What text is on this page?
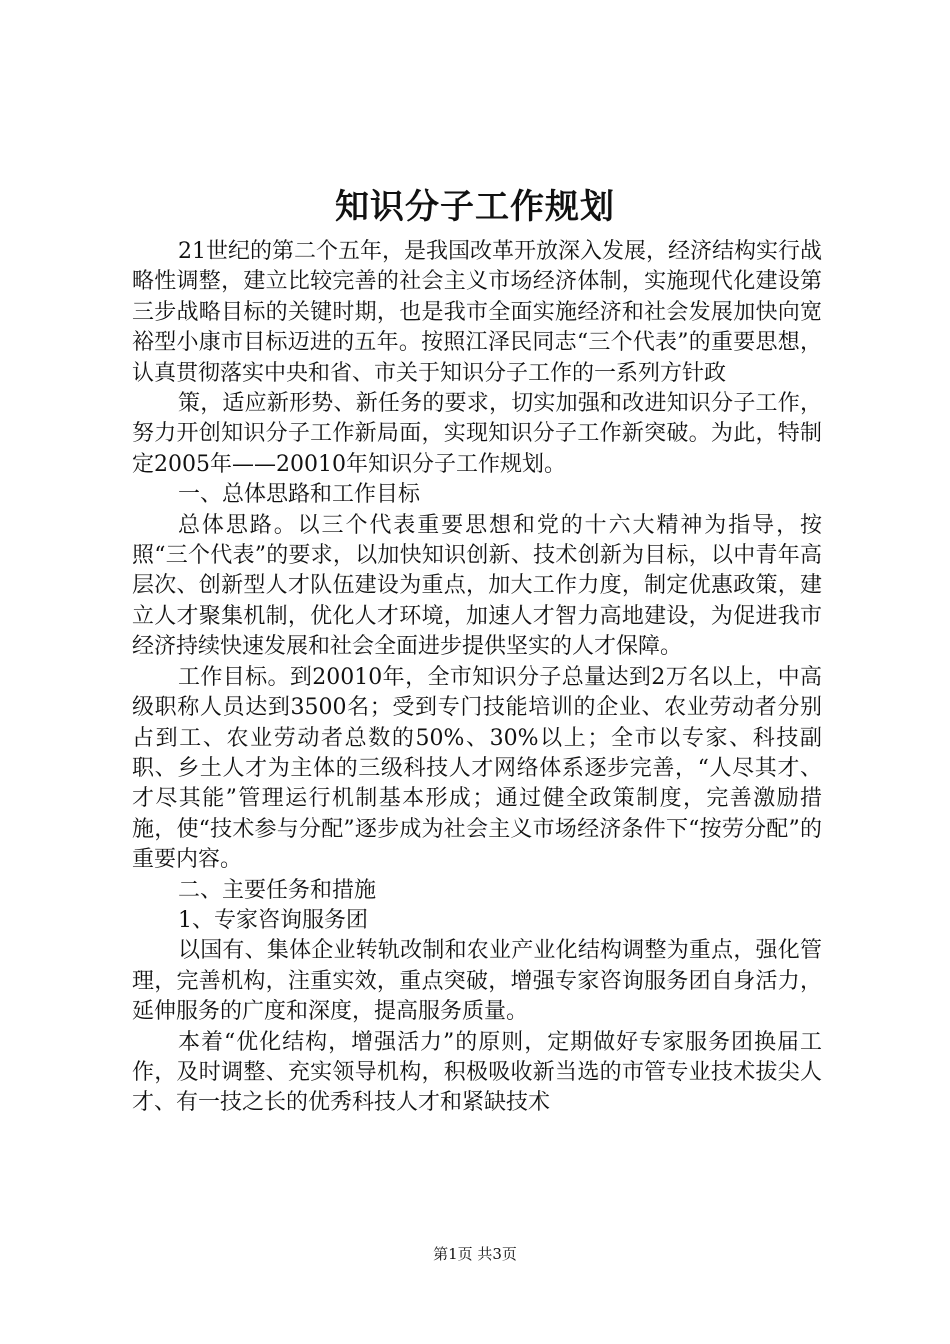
知识分子工作规划

21世纪的第二个五年，是我国改革开放深入发展，经济结构实行战略性调整，建立比较完善的社会主义市场经济体制，实施现代化建设第三步战略目标的关键时期，也是我市全面实施经济和社会发展加快向宽裕型小康市目标迈进的五年。按照江泽民同志“三个代表”的重要思想，认真贯彻落实中央和省、市关于知识分子工作的一系列方针政

策，适应新形势、新任务的要求，切实加强和改进知识分子工作，努力开创知识分子工作新局面，实现知识分子工作新突破。为此，特制定2005年——20010年知识分子工作规划。

一、总体思路和工作目标

总体思路。以三个代表重要思想和党的十六大精神为指导，按照“三个代表”的要求，以加快知识创新、技术创新为目标，以中青年高层次、创新型人才队伍建设为重点，加大工作力度，制定优惠政策，建立人才聚集机制，优化人才环境，加速人才智力高地建设，为促进我市经济持续快速发展和社会全面进步提供坚实的人才保障。

工作目标。到20010年，全市知识分子总量达到2万名以上，中高级职称人员达到3500名；受到专门技能培训的企业、农业劳动者分别占到工、农业劳动者总数的50%、30%以上；全市以专家、科技副职、乡土人才为主体的三级科技人才网络体系逐步完善，“人尽其才、才尽其能”管理运行机制基本形成；通过健全政策制度，完善激励措施，使“技术参与分配”逐步成为社会主义市场经济条件下“按劳分配”的重要内容。

二、主要任务和措施

1、专家咨询服务团

以国有、集体企业转轨改制和农业产业化结构调整为重点，强化管理，完善机构，注重实效，重点突破，增强专家咨询服务团自身活力，延伸服务的广度和深度，提高服务质量。

本着“优化结构，增强活力”的原则，定期做好专家服务团换届工作，及时调整、充实领导机构，积极吸收新当选的市管专业技术拔尖人才、有一技之长的优秀科技人才和紧缺技术

第1页 共3页
